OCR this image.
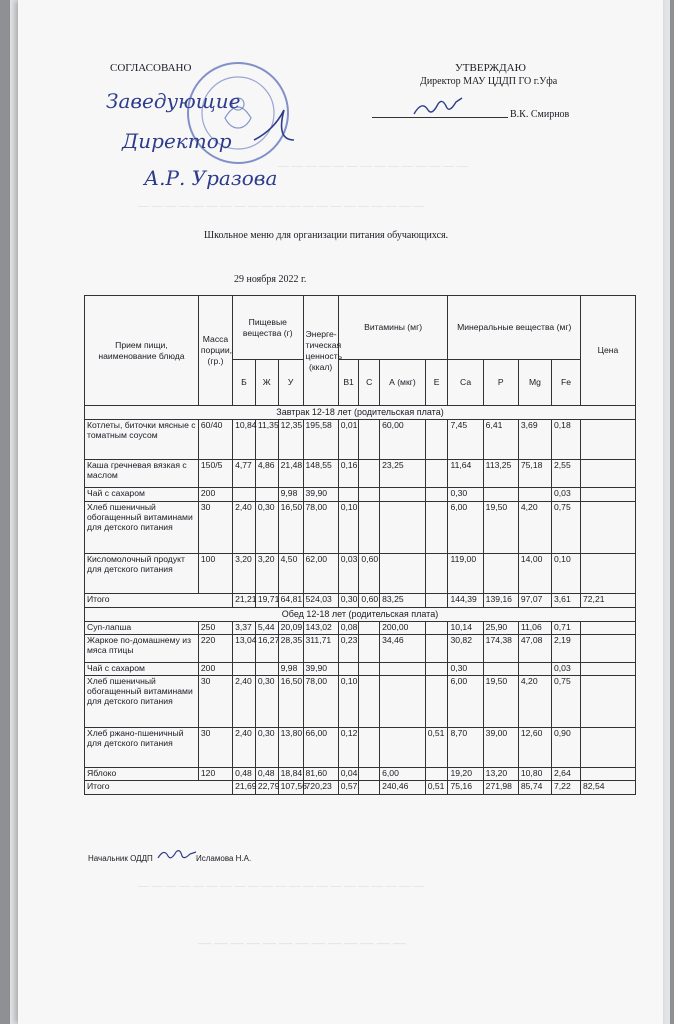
— — — — — — — — — — — — — —
— — — — — — — — — — — — — — — — — — — — —
— — — — — — — — — — — — — — — — — — — — —
— — — — — — — — — — — — —
СОГЛАСОВАНО
Заведующие
Директор
А.Р. Уразова
УТВЕРЖДАЮ
Директор МАУ ЦДДП ГО г.Уфа
В.К. Смирнов
Школьное меню для организации питания обучающихся.
29 ноября 2022 г.
Начальник ОДДП	Исламова Н.А.
Прием пищи, наименование блюда	Масса порции, (гр.)	Пищевые вещества (г)			Энерге-тическая ценность (ккал)	Витамины (мг)				Минеральные вещества (мг)				Цена
		Б	Ж	У		B1	C	А (мкг)	Е	Са	Р	Mg	Fe	
Завтрак 12-18 лет (родительская плата)														
Котлеты, биточки мясные с томатным соусом	60/40	10,84	11,35	12,35	195,58	0,01		60,00		7,45	6,41	3,69	0,18	
Каша гречневая вязкая с маслом	150/5	4,77	4,86	21,48	148,55	0,16		23,25		11,64	113,25	75,18	2,55	
Чай с сахаром	200			9,98	39,90					0,30			0,03	
Хлеб пшеничный обогащенный витаминами для детского питания	30	2,40	0,30	16,50	78,00	0,10				6,00	19,50	4,20	0,75	
Кисломолочный продукт для детского питания	100	3,20	3,20	4,50	62,00	0,03	0,60			119,00		14,00	0,10	
Итого		21,21	19,71	64,81	524,03	0,30	0,60	83,25		144,39	139,16	97,07	3,61	72,21
Обед 12-18 лет (родительская плата)														
Суп-лапша	250	3,37	5,44	20,09	143,02	0,08		200,00		10,14	25,90	11,06	0,71	
Жаркое по-домашнему из мяса птицы	220	13,04	16,27	28,35	311,71	0,23		34,46		30,82	174,38	47,08	2,19	
Чай с сахаром	200			9,98	39,90					0,30			0,03	
Хлеб пшеничный обогащенный витаминами для детского питания	30	2,40	0,30	16,50	78,00	0,10				6,00	19,50	4,20	0,75	
Хлеб ржано-пшеничный для детского питания	30	2,40	0,30	13,80	66,00	0,12			0,51	8,70	39,00	12,60	0,90	
Яблоко	120	0,48	0,48	18,84	81,60	0,04		6,00		19,20	13,20	10,80	2,64	
Итого		21,69	22,79	107,56	720,23	0,57		240,46	0,51	75,16	271,98	85,74	7,22	82,54
